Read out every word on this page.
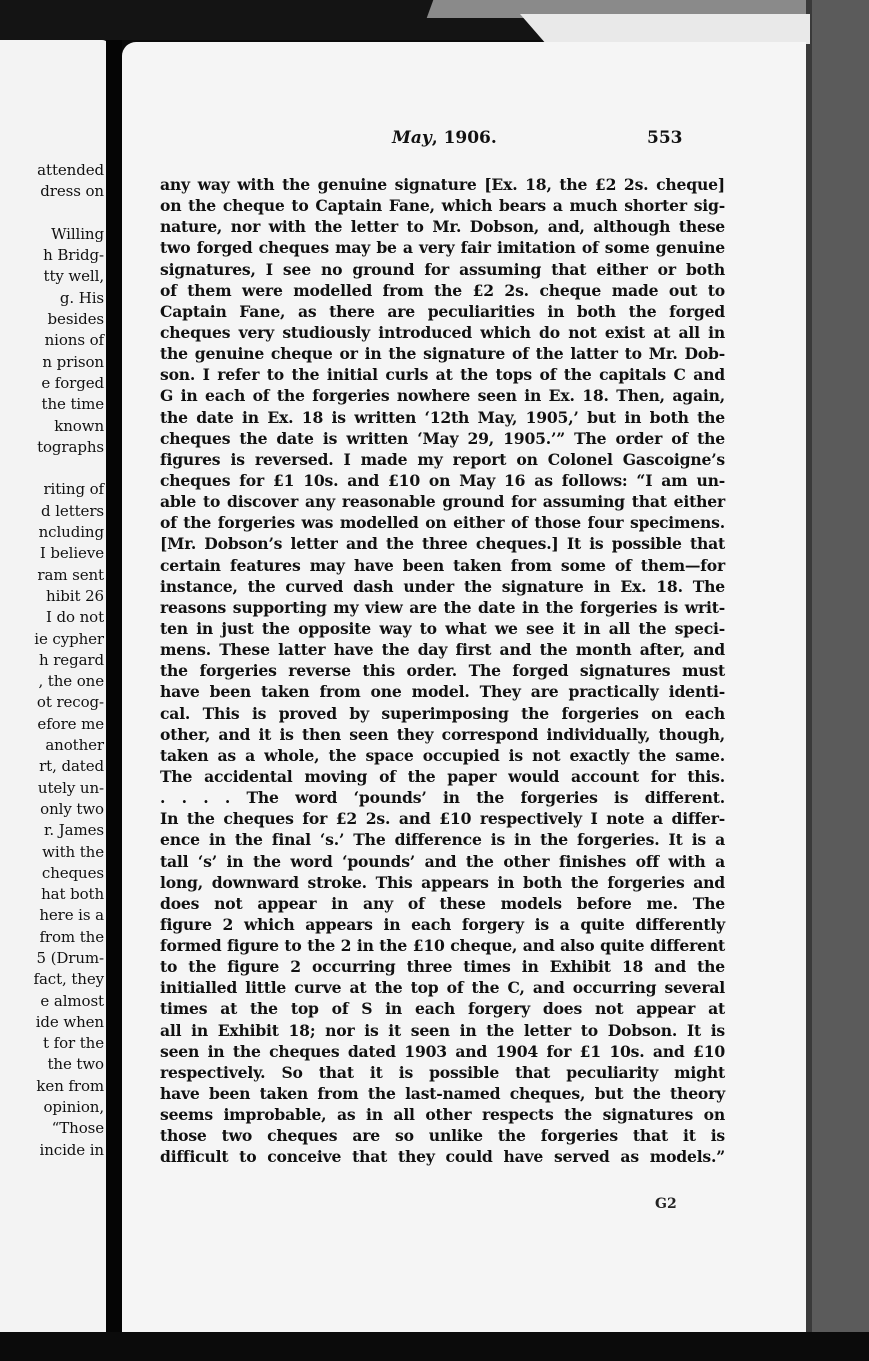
attended
dress on
Willing
h Bridg-
tty well,
g. His
besides
nions of
n prison
e forged
the time
known
tographs
riting of
d letters
ncluding
I believe
ram sent
hibit 26
I do not
ie cypher
h regard
, the one
ot recog-
efore me
another
rt, dated
utely un-
only two
r. James
with the
cheques
hat both
here is a
from the
5 (Drum-
fact, they
e almost
ide when
t for the
the two
ken from
opinion,
“Those
incide in
May, 1906.	553
any way with the genuine signature [Ex. 18, the £2 2s. cheque]
on the cheque to Captain Fane, which bears a much shorter sig-
nature, nor with the letter to Mr. Dobson, and, although these
two forged cheques may be a very fair imitation of some genuine
signatures, I see no ground for assuming that either or both
of them were modelled from the £2 2s. cheque made out to
Captain Fane, as there are peculiarities in both the forged
cheques very studiously introduced which do not exist at all in
the genuine cheque or in the signature of the latter to Mr. Dob-
son. I refer to the initial curls at the tops of the capitals C and
G in each of the forgeries nowhere seen in Ex. 18. Then, again,
the date in Ex. 18 is written ‘12th May, 1905,’ but in both the
cheques the date is written ‘May 29, 1905.’” The order of the
figures is reversed. I made my report on Colonel Gascoigne’s
cheques for £1 10s. and £10 on May 16 as follows: “I am un-
able to discover any reasonable ground for assuming that either
of the forgeries was modelled on either of those four specimens.
[Mr. Dobson’s letter and the three cheques.] It is possible that
certain features may have been taken from some of them—for
instance, the curved dash under the signature in Ex. 18. The
reasons supporting my view are the date in the forgeries is writ-
ten in just the opposite way to what we see it in all the speci-
mens. These latter have the day first and the month after, and
the forgeries reverse this order. The forged signatures must
have been taken from one model. They are practically identi-
cal. This is proved by superimposing the forgeries on each
other, and it is then seen they correspond individually, though,
taken as a whole, the space occupied is not exactly the same.
The accidental moving of the paper would account for this.
. . . . The word ‘pounds’ in the forgeries is different.
In the cheques for £2 2s. and £10 respectively I note a differ-
ence in the final ‘s.’ The difference is in the forgeries. It is a
tall ‘s’ in the word ‘pounds’ and the other finishes off with a
long, downward stroke. This appears in both the forgeries and
does not appear in any of these models before me. The
figure 2 which appears in each forgery is a quite differently
formed figure to the 2 in the £10 cheque, and also quite different
to the figure 2 occurring three times in Exhibit 18 and the
initialled little curve at the top of the C, and occurring several
times at the top of S in each forgery does not appear at
all in Exhibit 18; nor is it seen in the letter to Dobson. It is
seen in the cheques dated 1903 and 1904 for £1 10s. and £10
respectively. So that it is possible that peculiarity might
have been taken from the last-named cheques, but the theory
seems improbable, as in all other respects the signatures on
those two cheques are so unlike the forgeries that it is
difficult to conceive that they could have served as models.”
G2
